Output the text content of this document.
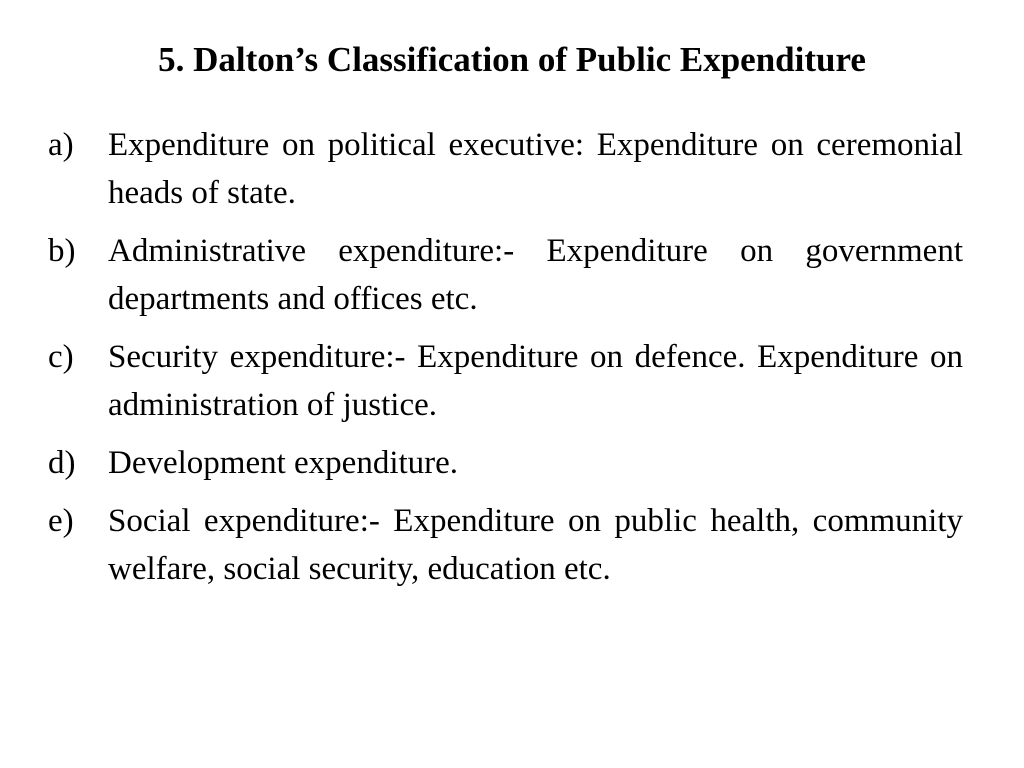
5. Dalton’s Classification of Public Expenditure
a)	Expenditure on political executive: Expenditure on ceremonial heads of state.
b) Administrative expenditure:- Expenditure on government departments and offices etc.
c)	Security expenditure:- Expenditure on defence. Expenditure on administration of justice.
d) Development expenditure.
e)	Social expenditure:- Expenditure on public health, community welfare, social security, education etc.
